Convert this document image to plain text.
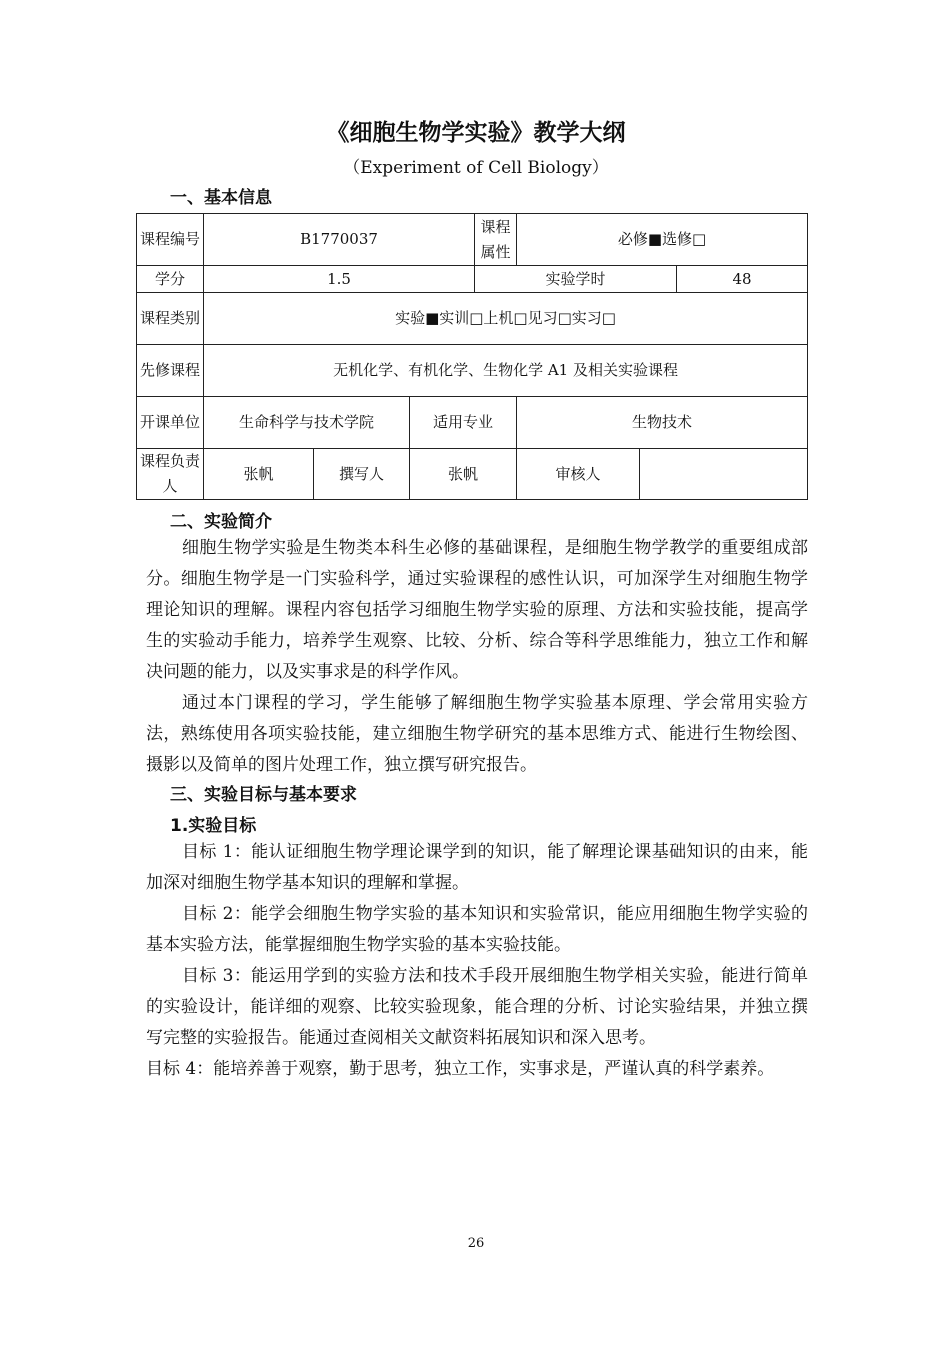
《细胞生物学实验》教学大纲
（Experiment of Cell Biology）
一、基本信息
课程编号	B1770037			课程属性	必修■选修□		
学分	1.5			实验学时			48
课程类别	实验■实训□上机□见习□实习□						
先修课程	无机化学、有机化学、生物化学 A1 及相关实验课程						
开课单位	生命科学与技术学院		适用专业		生物技术		
课程负责人	张帆	撰写人	张帆		审核人		
二、实验简介

细胞生物学实验是生物类本科生必修的基础课程，是细胞生物学教学的重要组成部分。细胞生物学是一门实验科学，通过实验课程的感性认识，可加深学生对细胞生物学理论知识的理解。课程内容包括学习细胞生物学实验的原理、方法和实验技能，提高学生的实验动手能力，培养学生观察、比较、分析、综合等科学思维能力，独立工作和解决问题的能力，以及实事求是的科学作风。

通过本门课程的学习，学生能够了解细胞生物学实验基本原理、学会常用实验方法，熟练使用各项实验技能，建立细胞生物学研究的基本思维方式、能进行生物绘图、摄影以及简单的图片处理工作，独立撰写研究报告。

三、实验目标与基本要求
1.实验目标

目标 1：能认证细胞生物学理论课学到的知识，能了解理论课基础知识的由来，能加深对细胞生物学基本知识的理解和掌握。

目标 2：能学会细胞生物学实验的基本知识和实验常识，能应用细胞生物学实验的基本实验方法，能掌握细胞生物学实验的基本实验技能。

目标 3：能运用学到的实验方法和技术手段开展细胞生物学相关实验，能进行简单的实验设计，能详细的观察、比较实验现象，能合理的分析、讨论实验结果，并独立撰写完整的实验报告。能通过查阅相关文献资料拓展知识和深入思考。

目标 4：能培养善于观察，勤于思考，独立工作，实事求是，严谨认真的科学素养。

26
